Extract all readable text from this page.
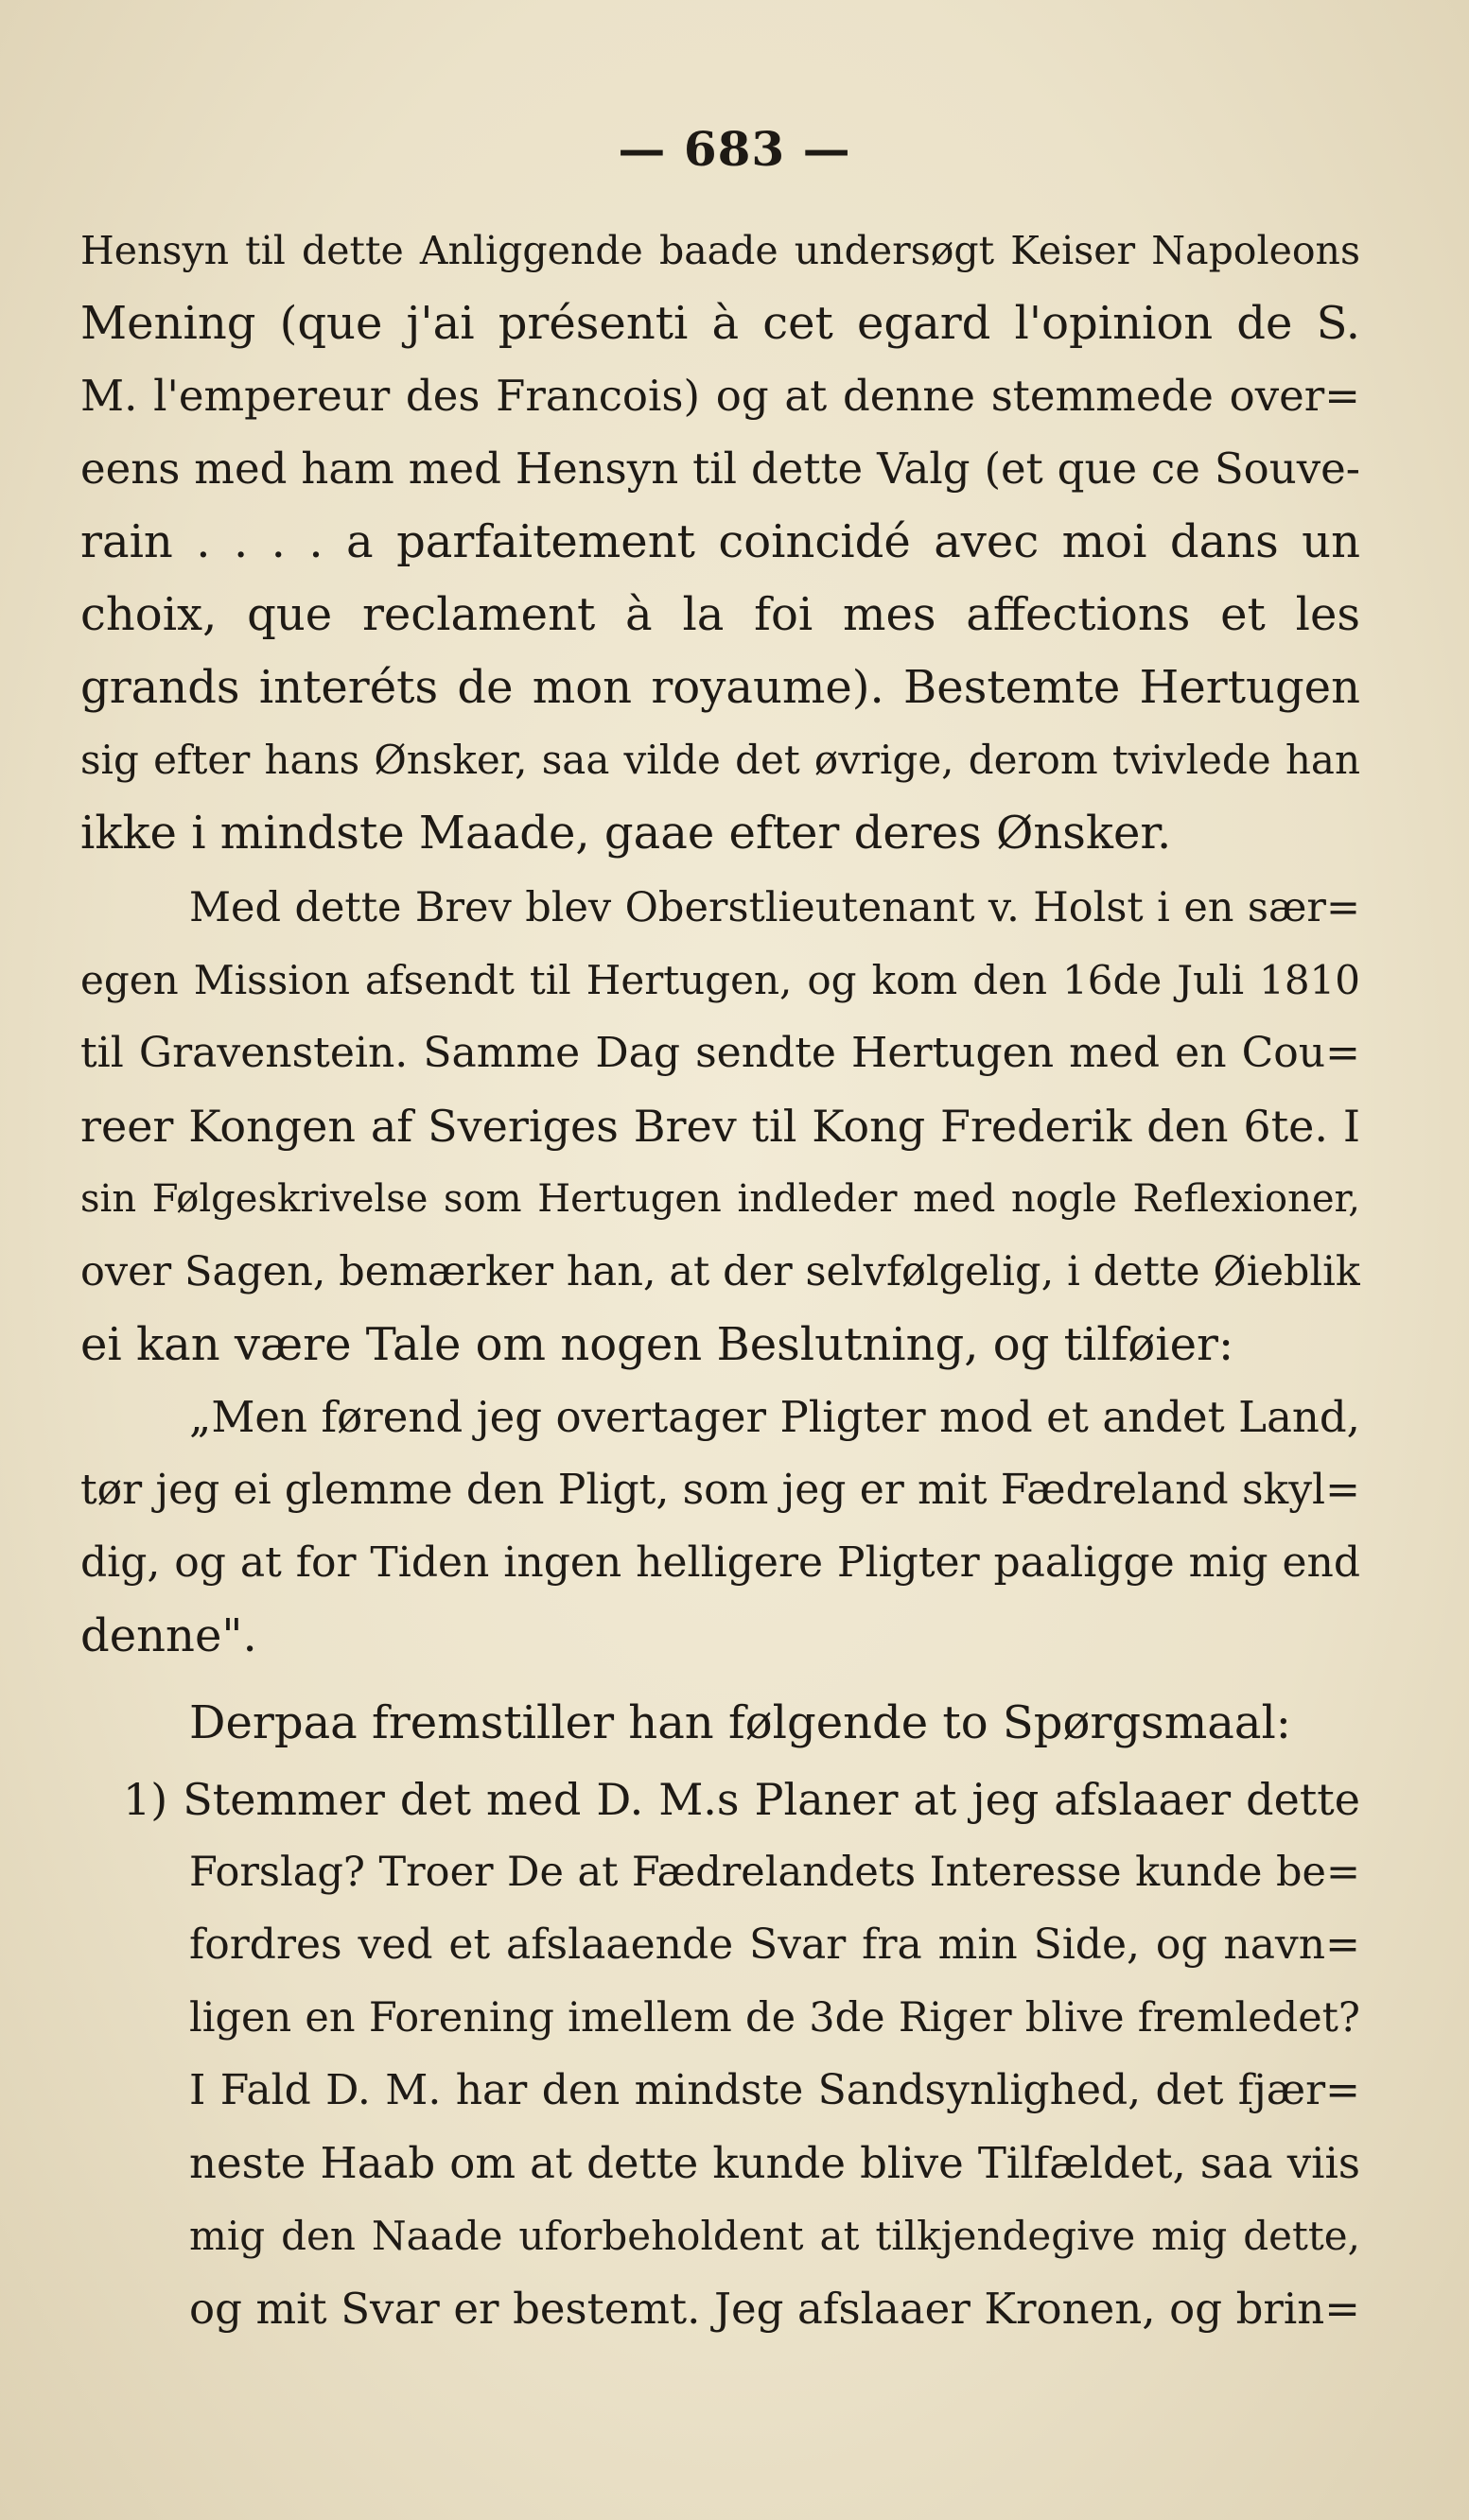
— 683 —
Hensyn til dette Anliggende baade undersøgt Keiser Napoleons
Mening (que j'ai présenti à cet egard l'opinion de S.
M. l'empereur des Francois) og at denne stemmede over=
eens med ham med Hensyn til dette Valg (et que ce Souve-
rain . . . . a parfaitement coincidé avec moi dans un
choix, que reclament à la foi mes affections et les
grands interéts de mon royaume). Bestemte Hertugen
sig efter hans Ønsker, saa vilde det øvrige, derom tvivlede han
ikke i mindste Maade, gaae efter deres Ønsker.
Med dette Brev blev Oberstlieutenant v. Holst i en sær=
egen Mission afsendt til Hertugen, og kom den 16de Juli 1810
til Gravenstein. Samme Dag sendte Hertugen med en Cou=
reer Kongen af Sveriges Brev til Kong Frederik den 6te. I
sin Følgeskrivelse som Hertugen indleder med nogle Reflexioner,
over Sagen, bemærker han, at der selvfølgelig, i dette Øieblik
ei kan være Tale om nogen Beslutning, og tilføier:
„Men førend jeg overtager Pligter mod et andet Land,
tør jeg ei glemme den Pligt, som jeg er mit Fædreland skyl=
dig, og at for Tiden ingen helligere Pligter paaligge mig end
denne".
Derpaa fremstiller han følgende to Spørgsmaal:
1) Stemmer det med D. M.s Planer at jeg afslaaer dette
Forslag? Troer De at Fædrelandets Interesse kunde be=
fordres ved et afslaaende Svar fra min Side, og navn=
ligen en Forening imellem de 3de Riger blive fremledet?
I Fald D. M. har den mindste Sandsynlighed, det fjær=
neste Haab om at dette kunde blive Tilfældet, saa viis
mig den Naade uforbeholdent at tilkjendegive mig dette,
og mit Svar er bestemt. Jeg afslaaer Kronen, og brin=
